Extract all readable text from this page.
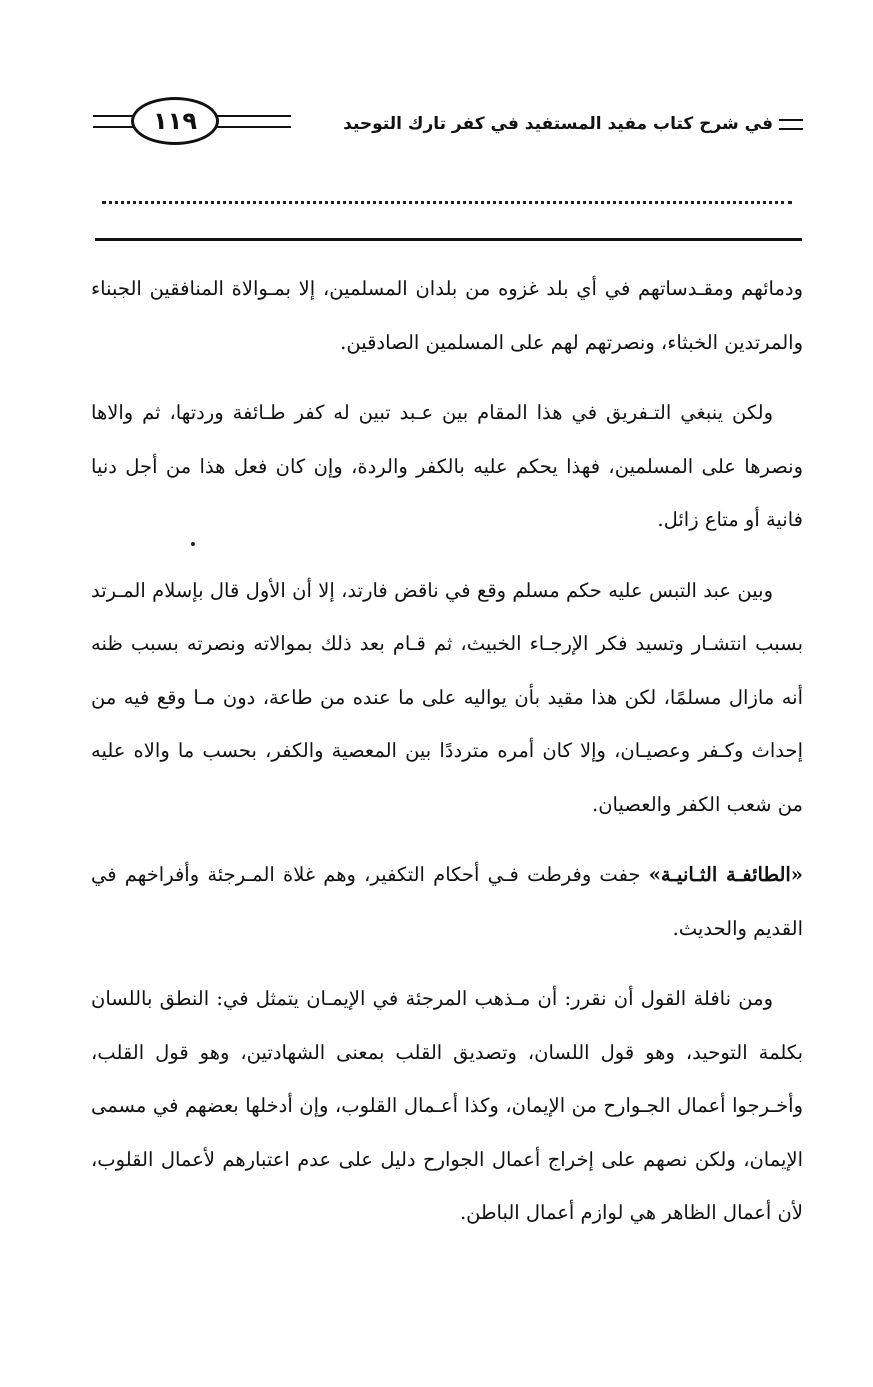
في شرح كتاب مفيد المستفيد في كفر تارك التوحيد
١١٩

ودمائهم ومقـدساتهم في أي بلد غزوه من بلدان المسلمين، إلا بمـوالاة المنافقين الجبناء والمرتدين الخبثاء، ونصرتهم لهم على المسلمين الصادقين.

ولكن ينبغي التـفريق في هذا المقام بين عـبد تبين له كفر طـائفة وردتها، ثم والاها ونصرها على المسلمين، فهذا يحكم عليه بالكفر والردة، وإن كان فعل هذا من أجل دنيا فانية أو متاع زائل.

وبين عبد التبس عليه حكم مسلم وقع في ناقض فارتد، إلا أن الأول قال بإسلام المـرتد بسبب انتشـار وتسيد فكر الإرجـاء الخبيث، ثم قـام بعد ذلك بموالاته ونصرته بسبب ظنه أنه مازال مسلمًا، لكن هذا مقيد بأن يواليه على ما عنده من طاعة، دون مـا وقع فيه من إحداث وكـفر وعصيـان، وإلا كان أمره مترددًا بين المعصية والكفر، بحسب ما والاه عليه من شعب الكفر والعصيان.

«الطائفـة الثـانيـة» جفت وفرطت فـي أحكام التكفير، وهم غلاة المـرجئة وأفراخهم في القديم والحديث.

ومن نافلة القول أن نقرر: أن مـذهب المرجئة في الإيمـان يتمثل في: النطق باللسان بكلمة التوحيد، وهو قول اللسان، وتصديق القلب بمعنى الشهادتين، وهو قول القلب، وأخـرجوا أعمال الجـوارح من الإيمان، وكذا أعـمال القلوب، وإن أدخلها بعضهم في مسمى الإيمان، ولكن نصهم على إخراج أعمال الجوارح دليل على عدم اعتبارهم لأعمال القلوب، لأن أعمال الظاهر هي لوازم أعمال الباطن.
